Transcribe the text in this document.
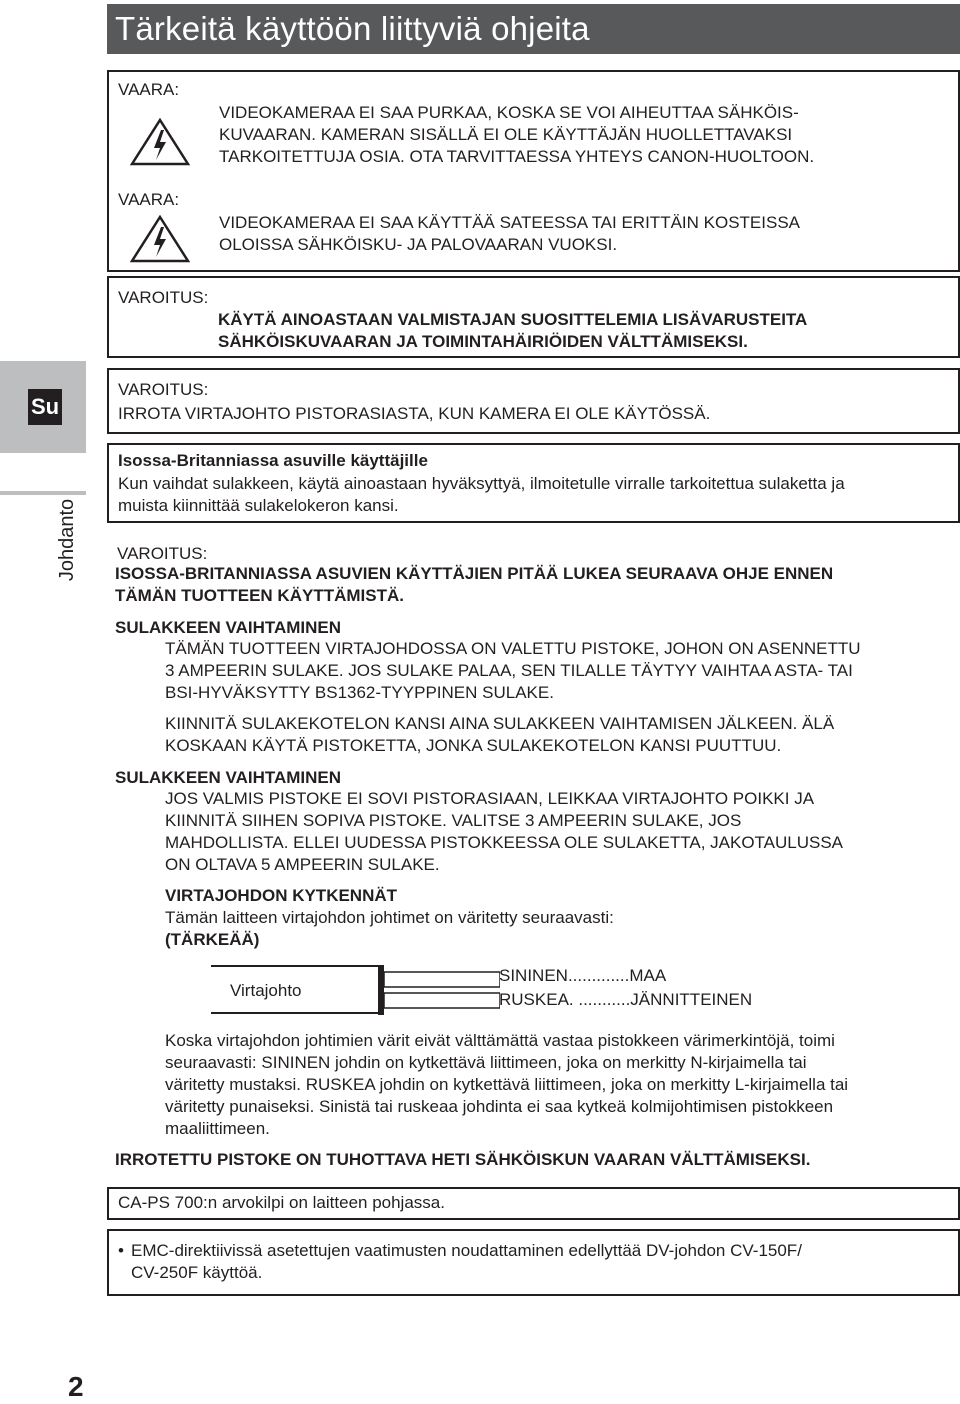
Tärkeitä käyttöön liittyviä ohjeita
Su
Johdanto
VAARA:
VIDEOKAMERAA EI SAA PURKAA, KOSKA SE VOI AIHEUTTAA SÄHKÖIS-
KUVAARAN. KAMERAN SISÄLLÄ EI OLE KÄYTTÄJÄN HUOLLETTAVAKSI
TARKOITETTUJA OSIA. OTA TARVITTAESSA YHTEYS CANON-HUOLTOON.
VAARA:
VIDEOKAMERAA EI SAA KÄYTTÄÄ SATEESSA TAI ERITTÄIN KOSTEISSA
OLOISSA SÄHKÖISKU- JA PALOVAARAN VUOKSI.
VAROITUS:
KÄYTÄ AINOASTAAN VALMISTAJAN SUOSITTELEMIA LISÄVARUSTEITA
SÄHKÖISKUVAARAN JA TOIMINTAHÄIRIÖIDEN VÄLTTÄMISEKSI.
VAROITUS:
IRROTA VIRTAJOHTO PISTORASIASTA, KUN KAMERA EI OLE KÄYTÖSSÄ.
Isossa-Britanniassa asuville käyttäjille
Kun vaihdat sulakkeen, käytä ainoastaan hyväksyttyä, ilmoitetulle virralle tarkoitettua sulaketta ja
muista kiinnittää sulakelokeron kansi.
VAROITUS:
ISOSSA-BRITANNIASSA ASUVIEN KÄYTTÄJIEN PITÄÄ LUKEA SEURAAVA OHJE ENNEN
TÄMÄN TUOTTEEN KÄYTTÄMISTÄ.
SULAKKEEN VAIHTAMINEN
TÄMÄN TUOTTEEN VIRTAJOHDOSSA ON VALETTU PISTOKE, JOHON ON ASENNETTU
3 AMPEERIN SULAKE. JOS SULAKE PALAA, SEN TILALLE TÄYTYY VAIHTAA ASTA- TAI
BSI-HYVÄKSYTTY BS1362-TYYPPINEN SULAKE.
KIINNITÄ SULAKEKOTELON KANSI AINA SULAKKEEN VAIHTAMISEN JÄLKEEN. ÄLÄ
KOSKAAN KÄYTÄ PISTOKETTA, JONKA SULAKEKOTELON KANSI PUUTTUU.
SULAKKEEN VAIHTAMINEN
JOS VALMIS PISTOKE EI SOVI PISTORASIAAN, LEIKKAA VIRTAJOHTO POIKKI JA
KIINNITÄ SIIHEN SOPIVA PISTOKE. VALITSE 3 AMPEERIN SULAKE, JOS
MAHDOLLISTA. ELLEI UUDESSA PISTOKKEESSA OLE SULAKETTA, JAKOTAULUSSA
ON OLTAVA 5 AMPEERIN SULAKE.
VIRTAJOHDON KYTKENNÄT
Tämän laitteen virtajohdon johtimet on väritetty seuraavasti:
(TÄRKEÄÄ)
Virtajohto
SININEN.............MAA
RUSKEA. ...........JÄNNITTEINEN
Koska virtajohdon johtimien värit eivät välttämättä vastaa pistokkeen värimerkintöjä, toimi
seuraavasti: SININEN johdin on kytkettävä liittimeen, joka on merkitty N-kirjaimella tai
väritetty mustaksi. RUSKEA johdin on kytkettävä liittimeen, joka on merkitty L-kirjaimella tai
väritetty punaiseksi. Sinistä tai ruskeaa johdinta ei saa kytkeä kolmijohtimisen pistokkeen
maaliittimeen.
IRROTETTU PISTOKE ON TUHOTTAVA HETI SÄHKÖISKUN VAARAN VÄLTTÄMISEKSI.
CA-PS 700:n arvokilpi on laitteen pohjassa.
• EMC-direktiivissä asetettujen vaatimusten noudattaminen edellyttää DV-johdon CV-150F/
CV-250F käyttöä.
2
